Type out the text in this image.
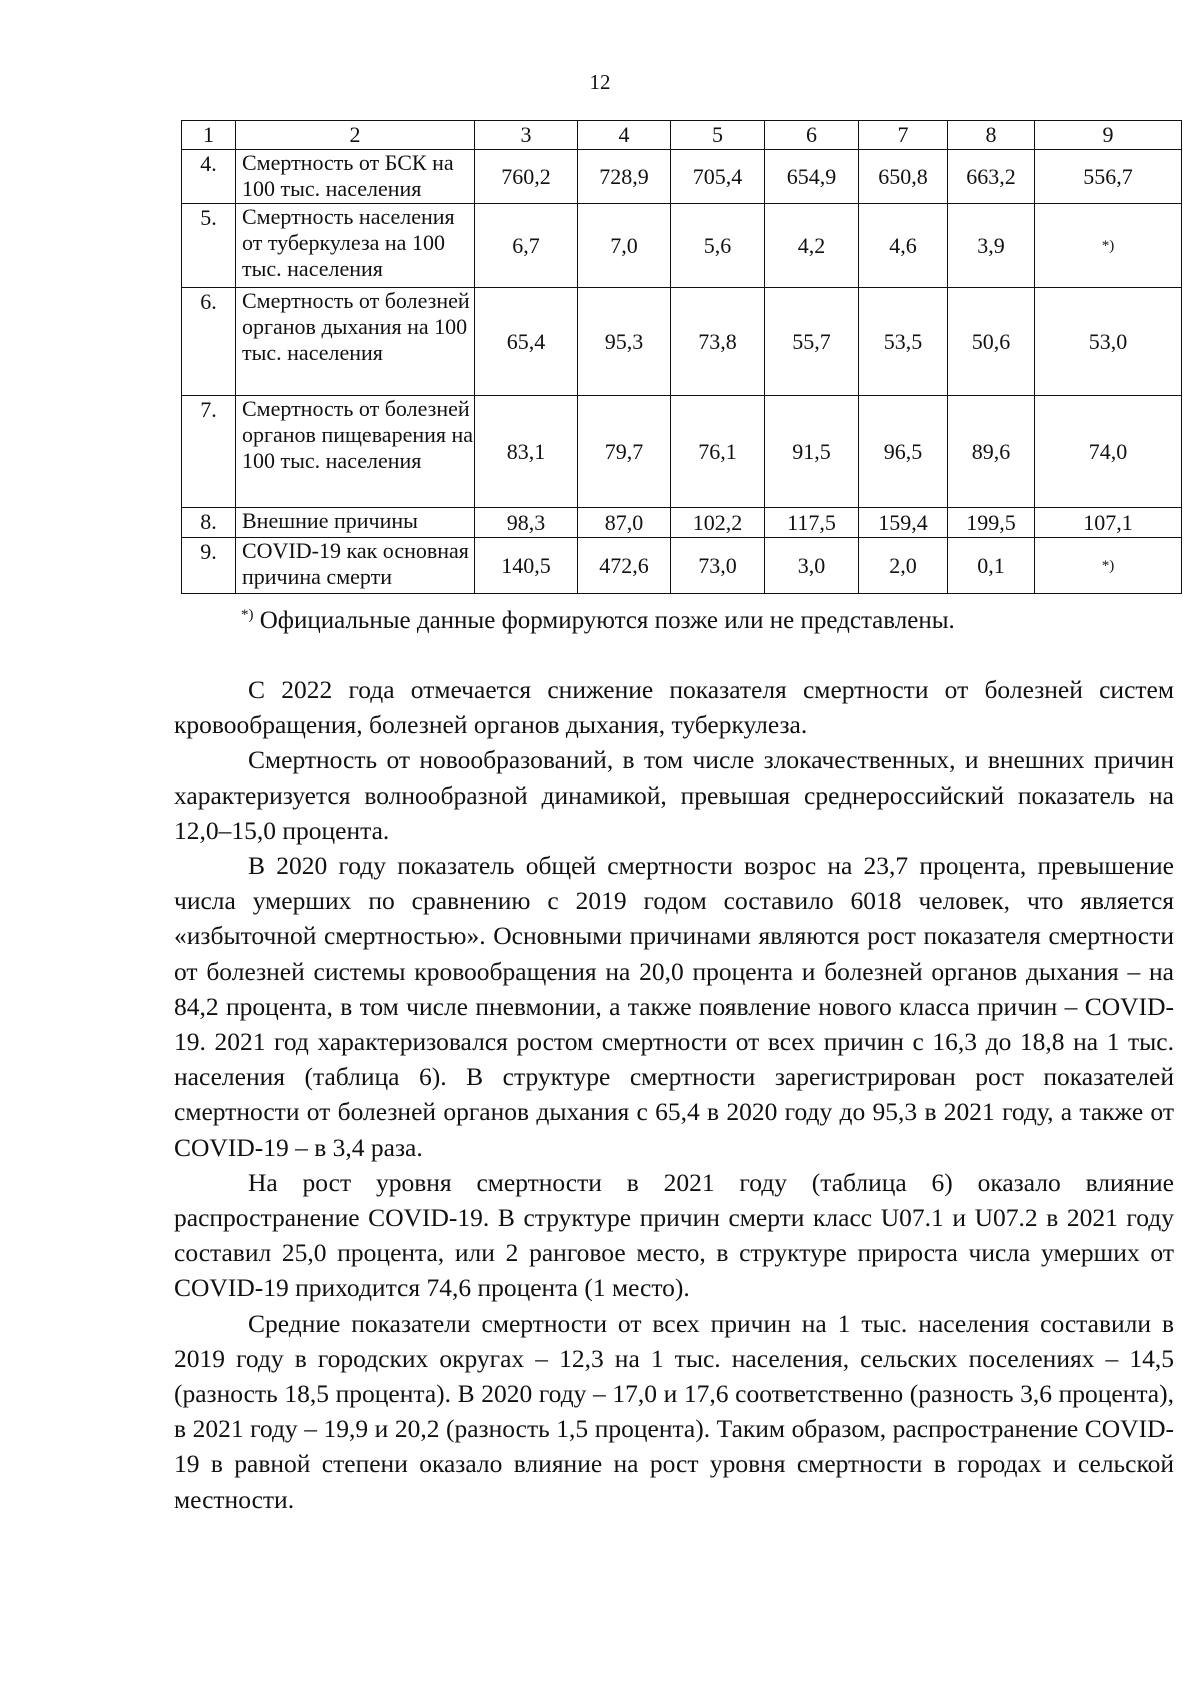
12
1	2	3	4	5	6	7	8	9
4.	Смертность от БСК на 100 тыс. населения	760,2	728,9	705,4	654,9	650,8	663,2	556,7
5.	Смертность населения от туберкулеза на 100 тыс. населения	6,7	7,0	5,6	4,2	4,6	3,9	*)
6.	Смертность от болезней органов дыхания на 100 тыс. населения	65,4	95,3	73,8	55,7	53,5	50,6	53,0
7.	Смертность от болезней органов пищеварения на 100 тыс. населения	83,1	79,7	76,1	91,5	96,5	89,6	74,0
8.	Внешние причины	98,3	87,0	102,2	117,5	159,4	199,5	107,1
9.	COVID-19 как основная причина смерти	140,5	472,6	73,0	3,0	2,0	0,1	*)
*) Официальные данные формируются позже или не представлены.

С 2022 года отмечается снижение показателя смертности от болезней систем кровообращения, болезней органов дыхания, туберкулеза.

Смертность от новообразований, в том числе злокачественных, и внешних причин характеризуется волнообразной динамикой, превышая среднероссийский показатель на 12,0–15,0 процента.

В 2020 году показатель общей смертности возрос на 23,7 процента, превышение числа умерших по сравнению с 2019 годом составило 6018 человек, что является «избыточной смертностью». Основными причинами являются рост показателя смертности от болезней системы кровообращения на 20,0 процента и болезней органов дыхания – на 84,2 процента, в том числе пневмонии, а также появление нового класса причин – COVID-19. 2021 год характеризовался ростом смертности от всех причин с 16,3 до 18,8 на 1 тыс. населения (таблица 6). В структуре смертности зарегистрирован рост показателей смертности от болезней органов дыхания с 65,4 в 2020 году до 95,3 в 2021 году, а также от COVID-19 – в 3,4 раза.

На рост уровня смертности в 2021 году (таблица 6) оказало влияние распространение COVID-19. В структуре причин смерти класс U07.1 и U07.2 в 2021 году составил 25,0 процента, или 2 ранговое место, в структуре прироста числа умерших от COVID-19 приходится 74,6 процента (1 место).

Средние показатели смертности от всех причин на 1 тыс. населения составили в 2019 году в городских округах – 12,3 на 1 тыс. населения, сельских поселениях – 14,5 (разность 18,5 процента). В 2020 году – 17,0 и 17,6 соответственно (разность 3,6 процента), в 2021 году – 19,9 и 20,2 (разность 1,5 процента). Таким образом, распространение COVID-19 в равной степени оказало влияние на рост уровня смертности в городах и сельской местности.
